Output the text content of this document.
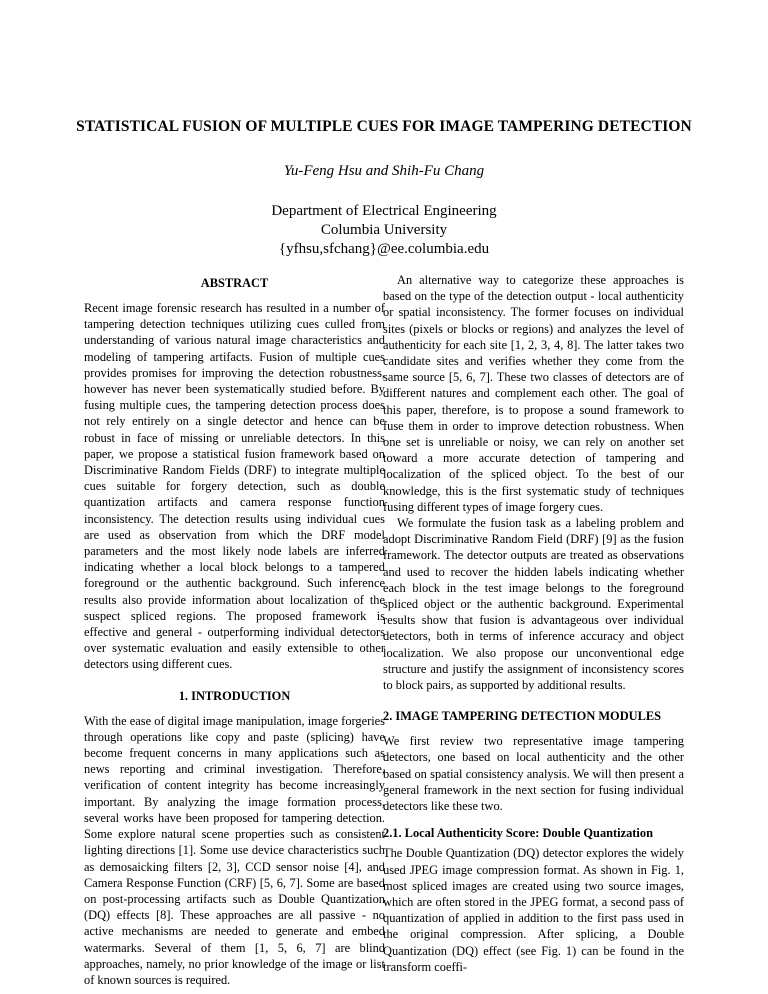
STATISTICAL FUSION OF MULTIPLE CUES FOR IMAGE TAMPERING DETECTION
Yu-Feng Hsu and Shih-Fu Chang
Department of Electrical Engineering
Columbia University
{yfhsu,sfchang}@ee.columbia.edu
ABSTRACT

Recent image forensic research has resulted in a number of tampering detection techniques utilizing cues culled from understanding of various natural image characteristics and modeling of tampering artifacts. Fusion of multiple cues provides promises for improving the detection robustness, however has never been systematically studied before. By fusing multiple cues, the tampering detection process does not rely entirely on a single detector and hence can be robust in face of missing or unreliable detectors. In this paper, we propose a statistical fusion framework based on Discriminative Random Fields (DRF) to integrate multiple cues suitable for forgery detection, such as double quantization artifacts and camera response function inconsistency. The detection results using individual cues are used as observation from which the DRF model parameters and the most likely node labels are inferred indicating whether a local block belongs to a tampered foreground or the authentic background. Such inference results also provide information about localization of the suspect spliced regions. The proposed framework is effective and general - outperforming individual detectors over systematic evaluation and easily extensible to other detectors using different cues.

1. INTRODUCTION

With the ease of digital image manipulation, image forgeries through operations like copy and paste (splicing) have become frequent concerns in many applications such as news reporting and criminal investigation. Therefore, verification of content integrity has become increasingly important. By analyzing the image formation process, several works have been proposed for tampering detection. Some explore natural scene properties such as consistent lighting directions [1]. Some use device characteristics such as demosaicking filters [2, 3], CCD sensor noise [4], and Camera Response Function (CRF) [5, 6, 7]. Some are based on post-processing artifacts such as Double Quantization (DQ) effects [8]. These approaches are all passive - no active mechanisms are needed to generate and embed watermarks. Several of them [1, 5, 6, 7] are blind approaches, namely, no prior knowledge of the image or list of known sources is required.

An alternative way to categorize these approaches is based on the type of the detection output - local authenticity or spatial inconsistency. The former focuses on individual sites (pixels or blocks or regions) and analyzes the level of authenticity for each site [1, 2, 3, 4, 8]. The latter takes two candidate sites and verifies whether they come from the same source [5, 6, 7]. These two classes of detectors are of different natures and complement each other. The goal of this paper, therefore, is to propose a sound framework to fuse them in order to improve detection robustness. When one set is unreliable or noisy, we can rely on another set toward a more accurate detection of tampering and localization of the spliced object. To the best of our knowledge, this is the first systematic study of techniques fusing different types of image forgery cues.

We formulate the fusion task as a labeling problem and adopt Discriminative Random Field (DRF) [9] as the fusion framework. The detector outputs are treated as observations and used to recover the hidden labels indicating whether each block in the test image belongs to the foreground spliced object or the authentic background. Experimental results show that fusion is advantageous over individual detectors, both in terms of inference accuracy and object localization. We also propose our unconventional edge structure and justify the assignment of inconsistency scores to block pairs, as supported by additional results.

2. IMAGE TAMPERING DETECTION MODULES

We first review two representative image tampering detectors, one based on local authenticity and the other based on spatial consistency analysis. We will then present a general framework in the next section for fusing individual detectors like these two.

2.1. Local Authenticity Score: Double Quantization

The Double Quantization (DQ) detector explores the widely used JPEG image compression format. As shown in Fig. 1, most spliced images are created using two source images, which are often stored in the JPEG format, a second pass of quantization of applied in addition to the first pass used in the original compression. After splicing, a Double Quantization (DQ) effect (see Fig. 1) can be found in the transform coeffi-
